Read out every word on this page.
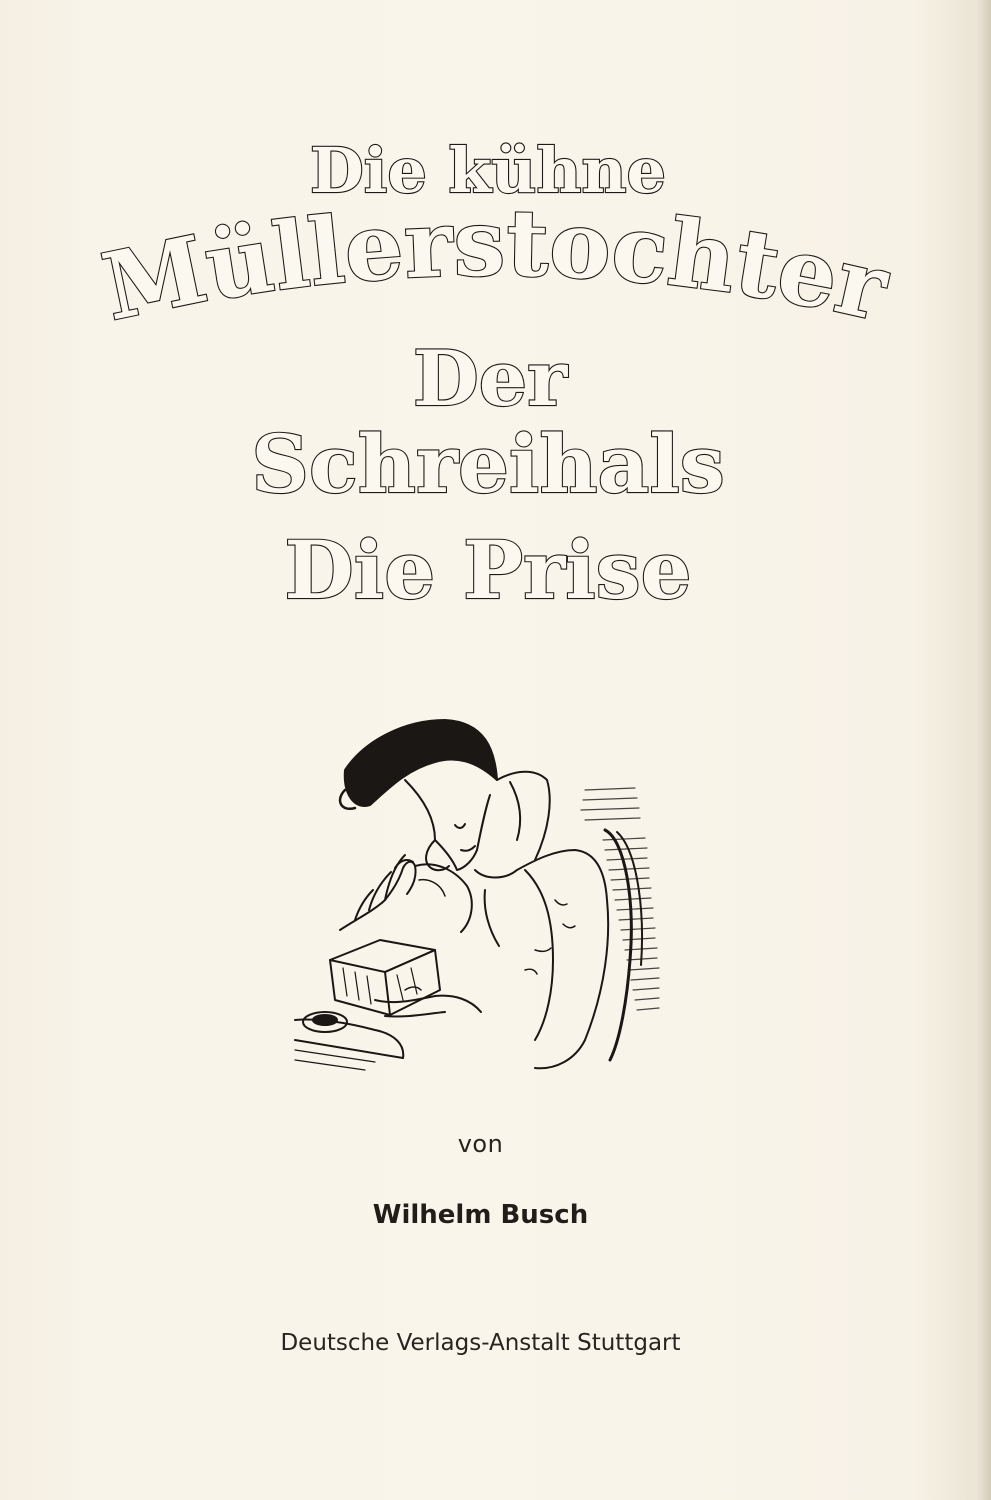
Die kühne
Müllerstochter
Der
Schreihals
Die Prise
von
Wilhelm Busch
Deutsche Verlags-Anstalt Stuttgart
